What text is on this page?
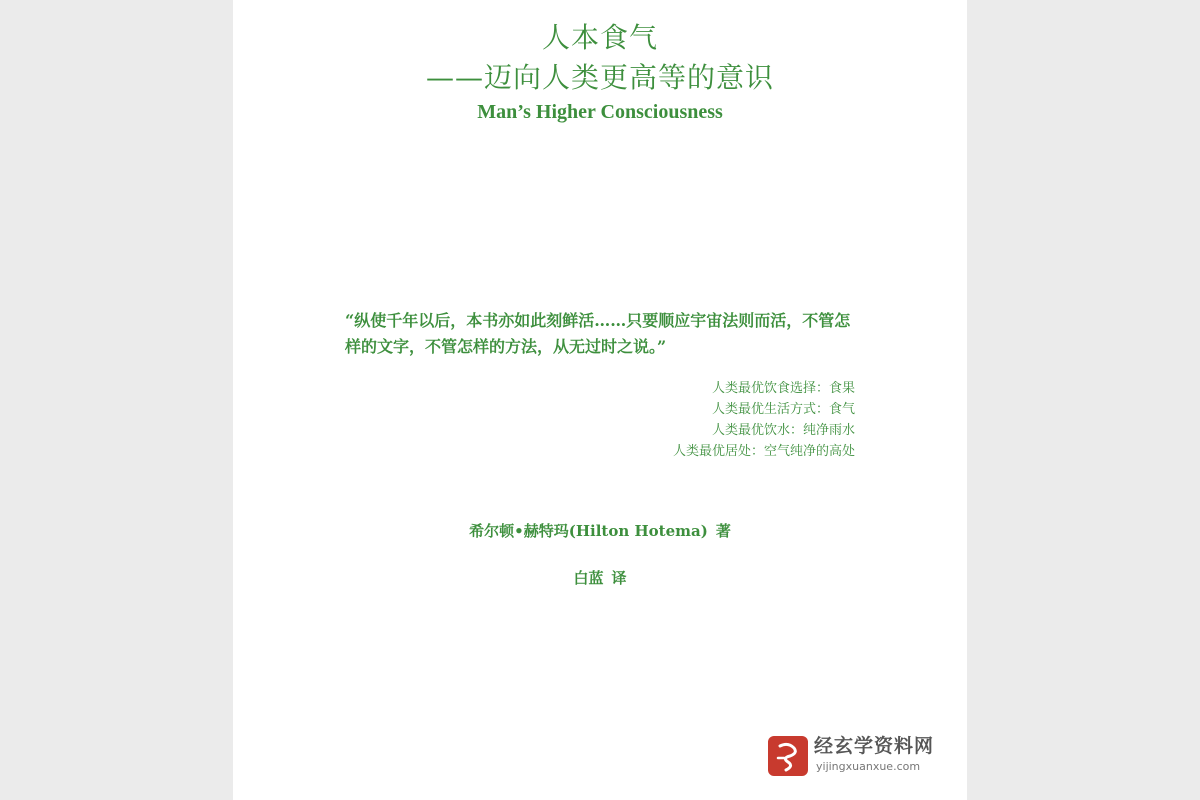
人本食气
——迈向人类更高等的意识
Man’s Higher Consciousness

“纵使千年以后，本书亦如此刻鲜活……只要顺应宇宙法则而活，不管怎样的文字，不管怎样的方法，从无过时之说。”

人类最优饮食选择：食果
人类最优生活方式：食气
人类最优饮水：纯净雨水
人类最优居处：空气纯净的高处
希尔顿•赫特玛(Hilton Hotema) 著
白蓝 译
经玄学资料网
yijingxuanxue.com
